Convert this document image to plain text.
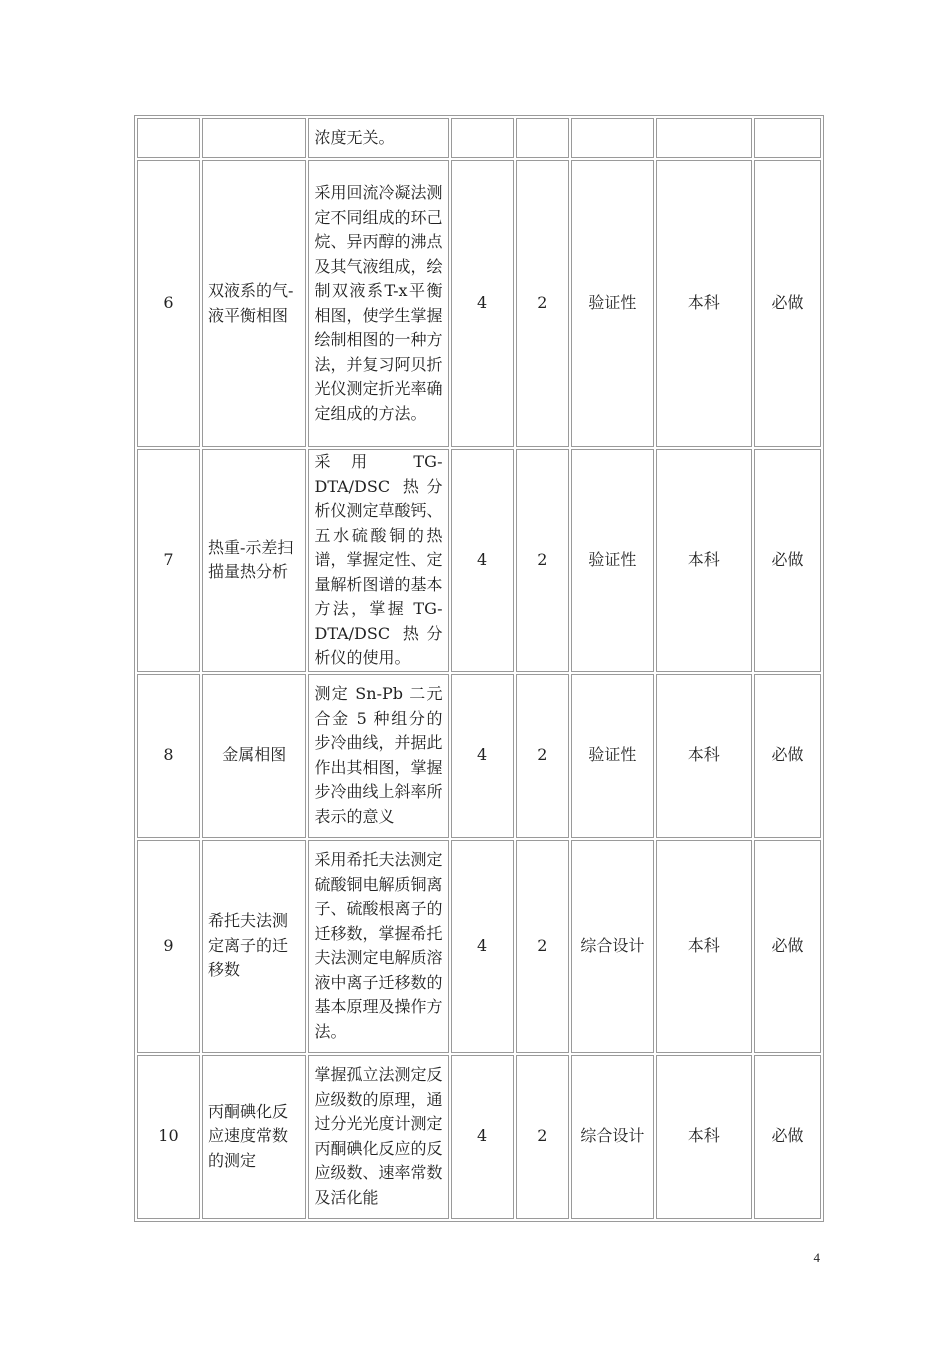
		浓度无关。					
6	双液系的气-液平衡相图	采用回流冷凝法测定不同组成的环己烷、异丙醇的沸点及其气液组成，绘制双液系T-x平衡相图，使学生掌握绘制相图的一种方法，并复习阿贝折光仪测定折光率确定组成的方法。	4	2	验证性	本科	必做
7	热重-示差扫描量热分析	采用 TG-DTA/DSC 热分析仪测定草酸钙、五水硫酸铜的热谱，掌握定性、定量解析图谱的基本方法，掌握 TG-DTA/DSC 热分析仪的使用。	4	2	验证性	本科	必做
8	金属相图	测定 Sn-Pb 二元合金 5 种组分的步冷曲线，并据此作出其相图，掌握步冷曲线上斜率所表示的意义	4	2	验证性	本科	必做
9	希托夫法测定离子的迁移数	采用希托夫法测定硫酸铜电解质铜离子、硫酸根离子的迁移数，掌握希托夫法测定电解质溶液中离子迁移数的基本原理及操作方法。	4	2	综合设计	本科	必做
10	丙酮碘化反应速度常数的测定	掌握孤立法测定反应级数的原理，通过分光光度计测定丙酮碘化反应的反应级数、速率常数及活化能	4	2	综合设计	本科	必做
4
